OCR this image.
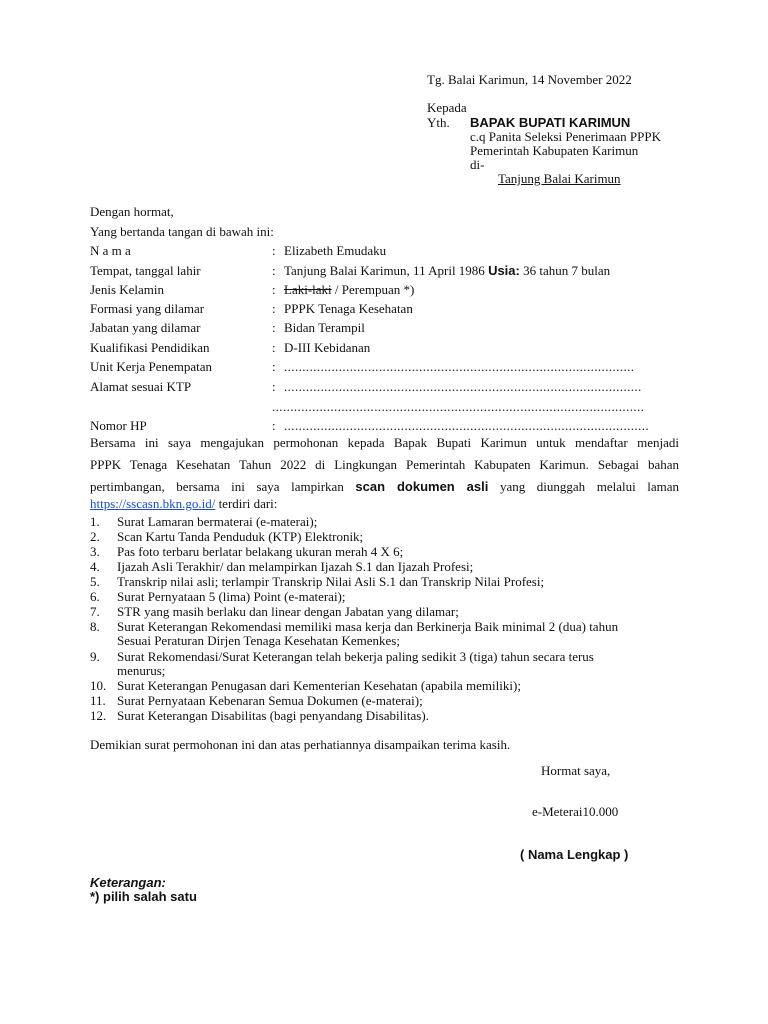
Tg. Balai Karimun, 14 November 2022
Kepada
Yth. BAPAK BUPATI KARIMUN
c.q Panita Seleksi Penerimaan PPPK
Pemerintah Kabupaten Karimun
di-
Tanjung Balai Karimun
Dengan hormat,
Yang bertanda tangan di bawah ini:
N a m a	: Elizabeth Emudaku
Tempat, tanggal lahir	: Tanjung Balai Karimun, 11 April 1986 Usia: 36 tahun 7 bulan
Jenis Kelamin	: Laki-laki / Perempuan *)
Formasi yang dilamar	: PPPK Tenaga Kesehatan
Jabatan yang dilamar	: Bidan Terampil
Kualifikasi Pendidikan	: D-III Kebidanan
Unit Kerja Penempatan	: ................................................................................................
Alamat sesuai KTP	: ..................................................................................................
......................................................................................................
Nomor HP	: ....................................................................................................
Bersama ini saya mengajukan permohonan kepada Bapak Bupati Karimun untuk mendaftar menjadi
PPPK Tenaga Kesehatan Tahun 2022 di Lingkungan Pemerintah Kabupaten Karimun. Sebagai bahan
pertimbangan, bersama ini saya lampirkan scan dokumen asli yang diunggah melalui laman
https://sscasn.bkn.go.id/ terdiri dari:
1. Surat Lamaran bermaterai (e-materai);
2. Scan Kartu Tanda Penduduk (KTP) Elektronik;
3. Pas foto terbaru berlatar belakang ukuran merah 4 X 6;
4. Ijazah Asli Terakhir/ dan melampirkan Ijazah S.1 dan Ijazah Profesi;
5. Transkrip nilai asli; terlampir Transkrip Nilai Asli S.1 dan Transkrip Nilai Profesi;
6. Surat Pernyataan 5 (lima) Point (e-materai);
7. STR yang masih berlaku dan linear dengan Jabatan yang dilamar;
8. Surat Keterangan Rekomendasi memiliki masa kerja dan Berkinerja Baik minimal 2 (dua) tahun
Sesuai Peraturan Dirjen Tenaga Kesehatan Kemenkes;
9. Surat Rekomendasi/Surat Keterangan telah bekerja paling sedikit 3 (tiga) tahun secara terus
menurus;
10. Surat Keterangan Penugasan dari Kementerian Kesehatan (apabila memiliki);
11. Surat Pernyataan Kebenaran Semua Dokumen (e-materai);
12. Surat Keterangan Disabilitas (bagi penyandang Disabilitas).
Demikian surat permohonan ini dan atas perhatiannya disampaikan terima kasih.
Hormat saya,
e-Meterai10.000
( Nama Lengkap )
Keterangan:
*) pilih salah satu
